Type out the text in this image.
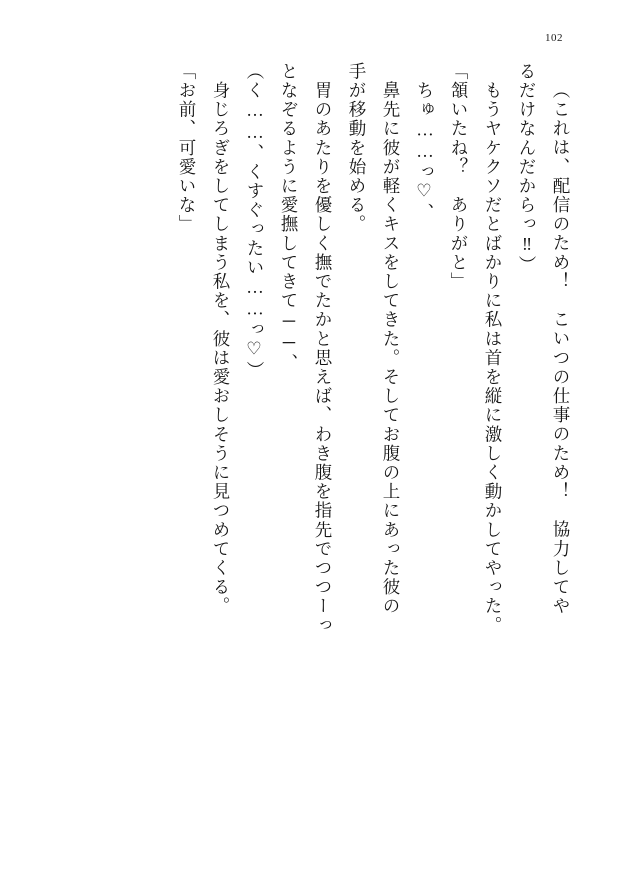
102
（これは、配信のため！　こいつの仕事のため！　協力してや
るだけなんだからっ‼）
　もうヤケクソだとばかりに私は首を縦に激しく動かしてやった。
「頷いたね？　ありがと」
　ちゅ……っ♡、
　鼻先に彼が軽くキスをしてきた。そしてお腹の上にあった彼の
手が移動を始める。
　胃のあたりを優しく撫でたかと思えば、わき腹を指先でつつーっ
となぞるように愛撫してきて──、
（く……、くすぐったい……っ♡）
　身じろぎをしてしまう私を、彼は愛おしそうに見つめてくる。
「お前、可愛いな」
